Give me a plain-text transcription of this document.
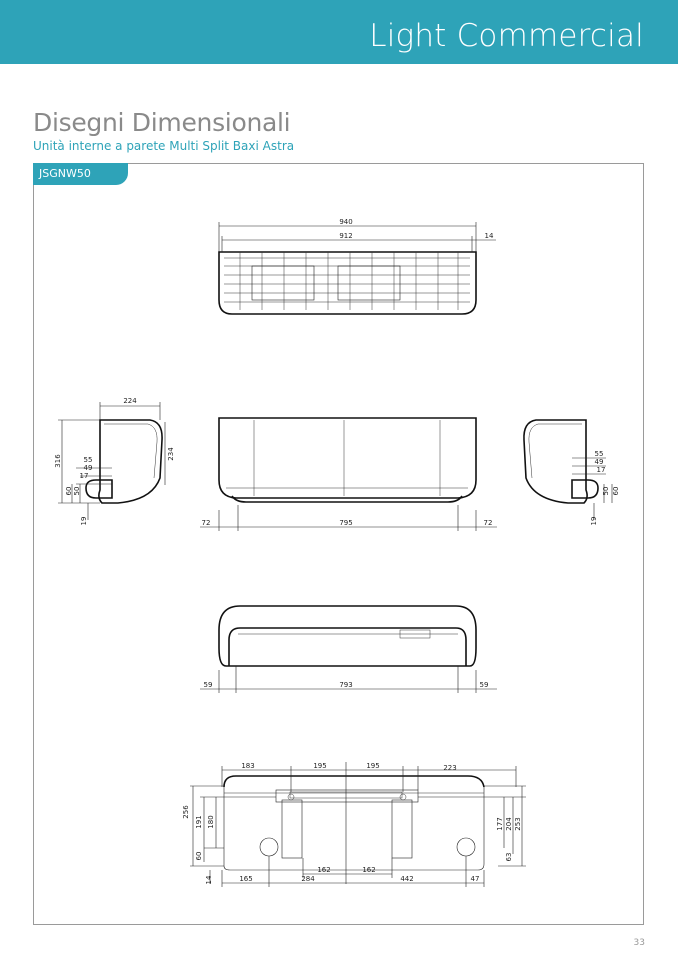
Light Commercial
Disegni Dimensionali
Unità interne a parete Multi Split Baxi Astra
JSGNW50
940
912	14
224
316
234
55
49
17
60 50
19	72	795	72
55
49
17
50 60
19
59	793	59
183	195	195	223
256
191 180
60
14
177 204 253
63
165	284
162	162
442	47
33
